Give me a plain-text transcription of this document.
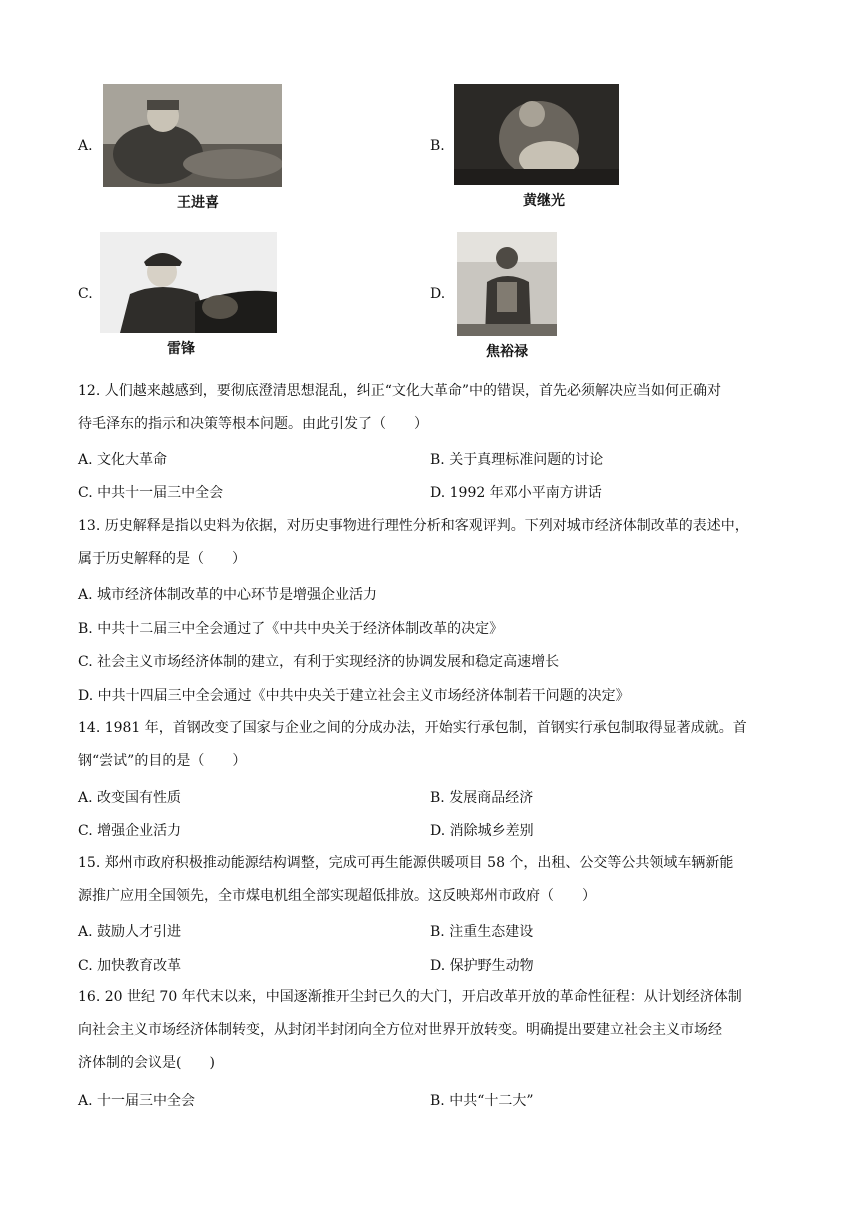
A.
王进喜
B.
黄继光
C.
雷锋
D.
焦裕禄

12. 人们越来越感到，要彻底澄清思想混乱，纠正“文化大革命”中的错误，首先必须解决应当如何正确对

待毛泽东的指示和决策等根本问题。由此引发了（　　）

A. 文化大革命	B. 关于真理标准问题的讨论
C. 中共十一届三中全会	D. 1992 年邓小平南方讲话

13. 历史解释是指以史料为依据，对历史事物进行理性分析和客观评判。下列对城市经济体制改革的表述中，

属于历史解释的是（　　）

A. 城市经济体制改革的中心环节是增强企业活力
B. 中共十二届三中全会通过了《中共中央关于经济体制改革的决定》
C. 社会主义市场经济体制的建立，有利于实现经济的协调发展和稳定高速增长
D. 中共十四届三中全会通过《中共中央关于建立社会主义市场经济体制若干问题的决定》

14. 1981 年，首钢改变了国家与企业之间的分成办法，开始实行承包制，首钢实行承包制取得显著成就。首

钢“尝试”的目的是（　　）

A. 改变国有性质	B. 发展商品经济
C. 增强企业活力	D. 消除城乡差别

15. 郑州市政府积极推动能源结构调整，完成可再生能源供暖项目 58 个，出租、公交等公共领域车辆新能

源推广应用全国领先，全市煤电机组全部实现超低排放。这反映郑州市政府（　　）

A. 鼓励人才引进	B. 注重生态建设
C. 加快教育改革	D. 保护野生动物

16. 20 世纪 70 年代末以来，中国逐渐推开尘封已久的大门，开启改革开放的革命性征程：从计划经济体制

向社会主义市场经济体制转变，从封闭半封闭向全方位对世界开放转变。明确提出要建立社会主义市场经

济体制的会议是(　　)

A. 十一届三中全会	B. 中共“十二大”
